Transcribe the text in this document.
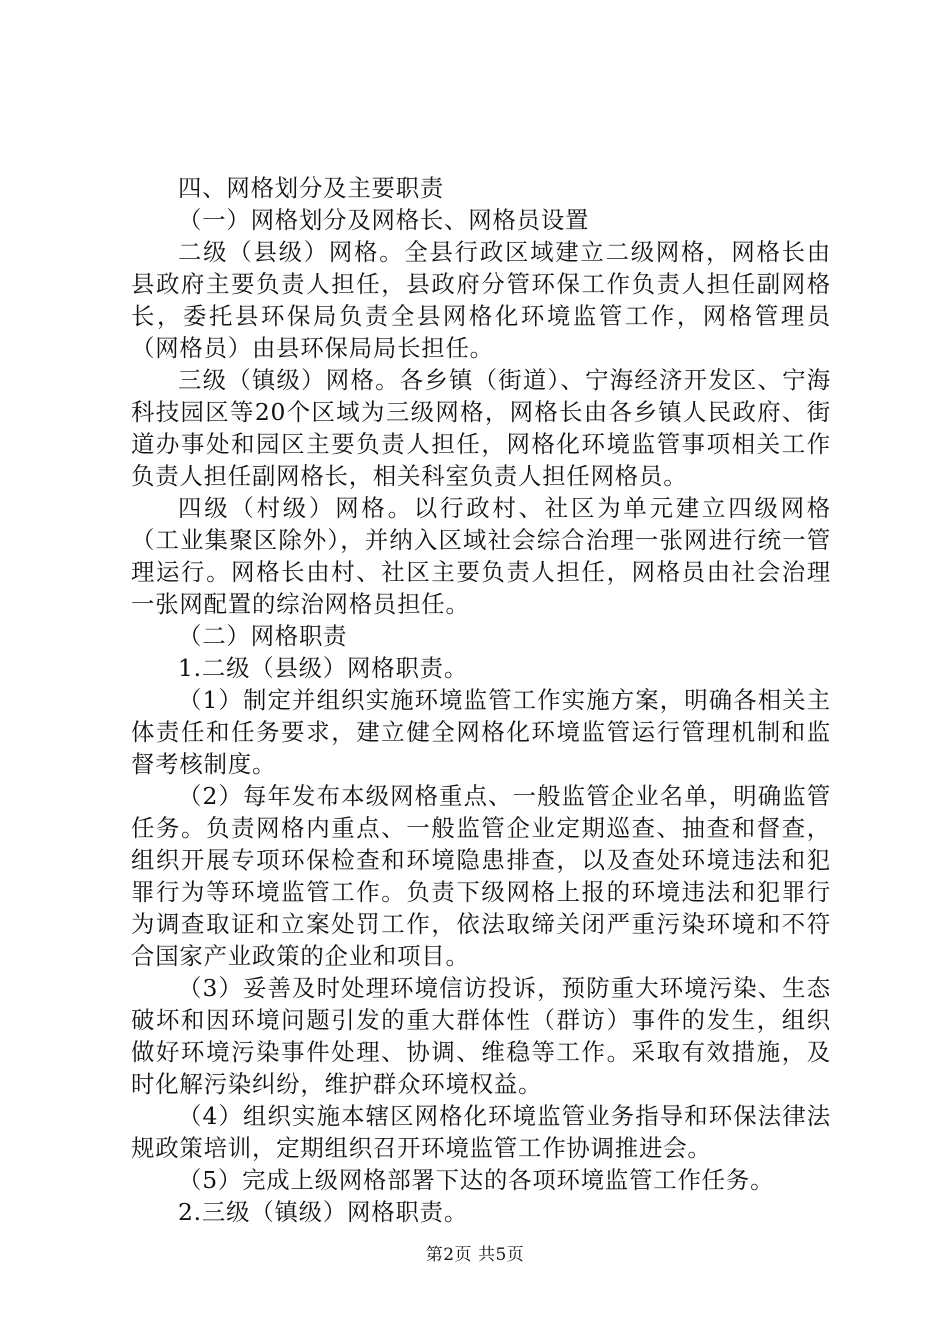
四、网格划分及主要职责

（一）网格划分及网格长、网格员设置

二级（县级）网格。全县行政区域建立二级网格，网格长由县政府主要负责人担任，县政府分管环保工作负责人担任副网格长，委托县环保局负责全县网格化环境监管工作，网格管理员（网格员）由县环保局局长担任。

三级（镇级）网格。各乡镇（街道）、宁海经济开发区、宁海科技园区等20个区域为三级网格，网格长由各乡镇人民政府、街道办事处和园区主要负责人担任，网格化环境监管事项相关工作负责人担任副网格长，相关科室负责人担任网格员。

四级（村级）网格。以行政村、社区为单元建立四级网格（工业集聚区除外），并纳入区域社会综合治理一张网进行统一管理运行。网格长由村、社区主要负责人担任，网格员由社会治理一张网配置的综治网格员担任。

（二）网格职责

1.二级（县级）网格职责。

（1）制定并组织实施环境监管工作实施方案，明确各相关主体责任和任务要求，建立健全网格化环境监管运行管理机制和监督考核制度。

（2）每年发布本级网格重点、一般监管企业名单，明确监管任务。负责网格内重点、一般监管企业定期巡查、抽查和督查，组织开展专项环保检查和环境隐患排查，以及查处环境违法和犯罪行为等环境监管工作。负责下级网格上报的环境违法和犯罪行为调查取证和立案处罚工作，依法取缔关闭严重污染环境和不符合国家产业政策的企业和项目。

（3）妥善及时处理环境信访投诉，预防重大环境污染、生态破坏和因环境问题引发的重大群体性（群访）事件的发生，组织做好环境污染事件处理、协调、维稳等工作。采取有效措施，及时化解污染纠纷，维护群众环境权益。

（4）组织实施本辖区网格化环境监管业务指导和环保法律法规政策培训，定期组织召开环境监管工作协调推进会。

（5）完成上级网格部署下达的各项环境监管工作任务。

2.三级（镇级）网格职责。

第2页 共5页
